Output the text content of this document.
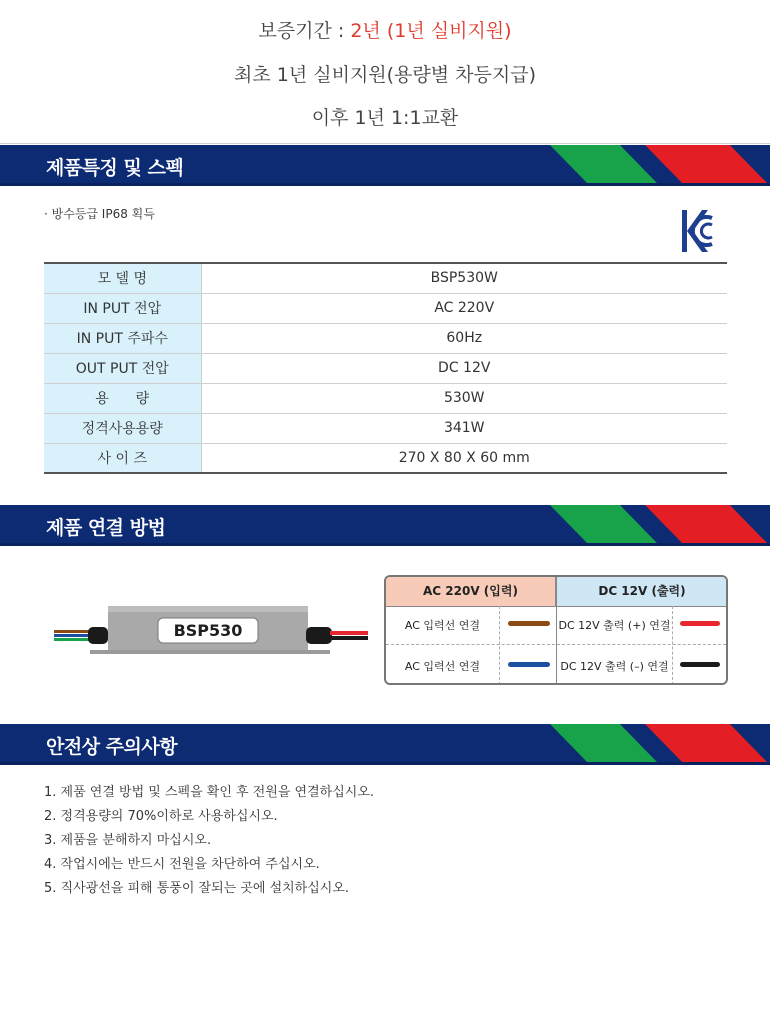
보증기간 : 2년 (1년 실비지원)
최초 1년 실비지원(용량별 차등지급)
이후 1년 1:1교환
제품특징 및 스펙
· 방수등급 IP68 획득
모 델 명	BSP530W
IN PUT 전압	AC 220V
IN PUT 주파수	60Hz
OUT PUT 전압	DC 12V
용      량	530W
정격사용용량	341W
사 이 즈	270 X 80 X 60 mm
제품 연결 방법
BSP530
AC 220V (입력)	DC 12V (출력)
AC 입력선 연결	DC 12V 출력 (+) 연결
AC 입력선 연결	DC 12V 출력 (–) 연결
안전상 주의사항
1. 제품 연결 방법 및 스펙을 확인 후 전원을 연결하십시오.
2. 정격용량의 70%이하로 사용하십시오.
3. 제품을 분해하지 마십시오.
4. 작업시에는 반드시 전원을 차단하여 주십시오.
5. 직사광선을 피해 통풍이 잘되는 곳에 설치하십시오.
